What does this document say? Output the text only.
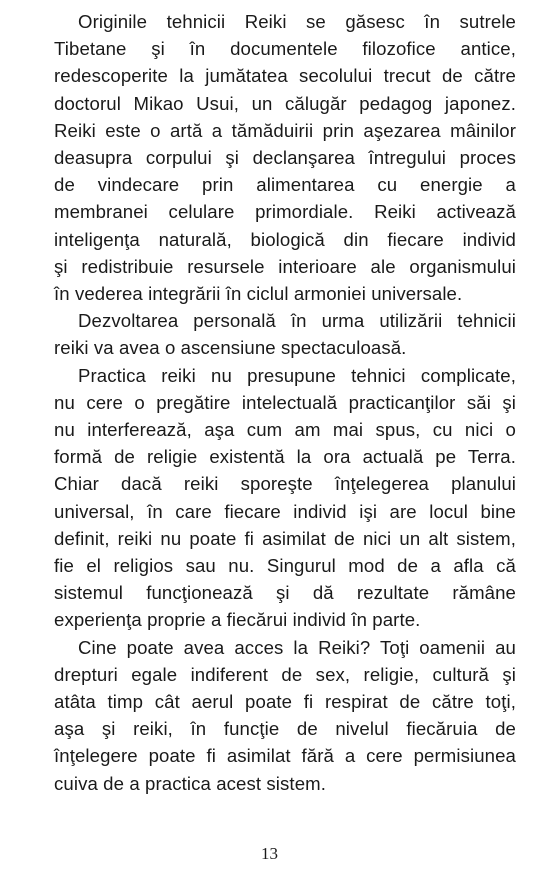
Originile tehnicii Reiki se găsesc în sutrele
Tibetane şi în documentele filozofice antice,
redescoperite la jumătatea secolului trecut de către
doctorul Mikao Usui, un călugăr pedagog japonez.
Reiki este o artă a tămăduirii prin aşezarea mâinilor
deasupra corpului şi declanşarea întregului proces
de vindecare prin alimentarea cu energie a
membranei celulare primordiale. Reiki activează
inteligenţa naturală, biologică din fiecare individ
şi redistribuie resursele interioare ale organismului
în vederea integrării în ciclul armoniei universale.
Dezvoltarea personală în urma utilizării tehnicii
reiki va avea o ascensiune spectaculoasă.
Practica reiki nu presupune tehnici complicate,
nu cere o pregătire intelectuală practicanţilor săi şi
nu interferează, aşa cum am mai spus, cu nici o
formă de religie existentă la ora actuală pe Terra.
Chiar dacă reiki sporeşte înţelegerea planului
universal, în care fiecare individ işi are locul bine
definit, reiki nu poate fi asimilat de nici un alt sistem,
fie el religios sau nu. Singurul mod de a afla că
sistemul funcţionează şi dă rezultate rămâne
experienţa proprie a fiecărui individ în parte.
Cine poate avea acces la Reiki? Toţi oamenii au
drepturi egale indiferent de sex, religie, cultură şi
atâta timp cât aerul poate fi respirat de către toţi,
aşa şi reiki, în funcţie de nivelul fiecăruia de
înţelegere poate fi asimilat fără a cere permisiunea
cuiva de a practica acest sistem.
13
